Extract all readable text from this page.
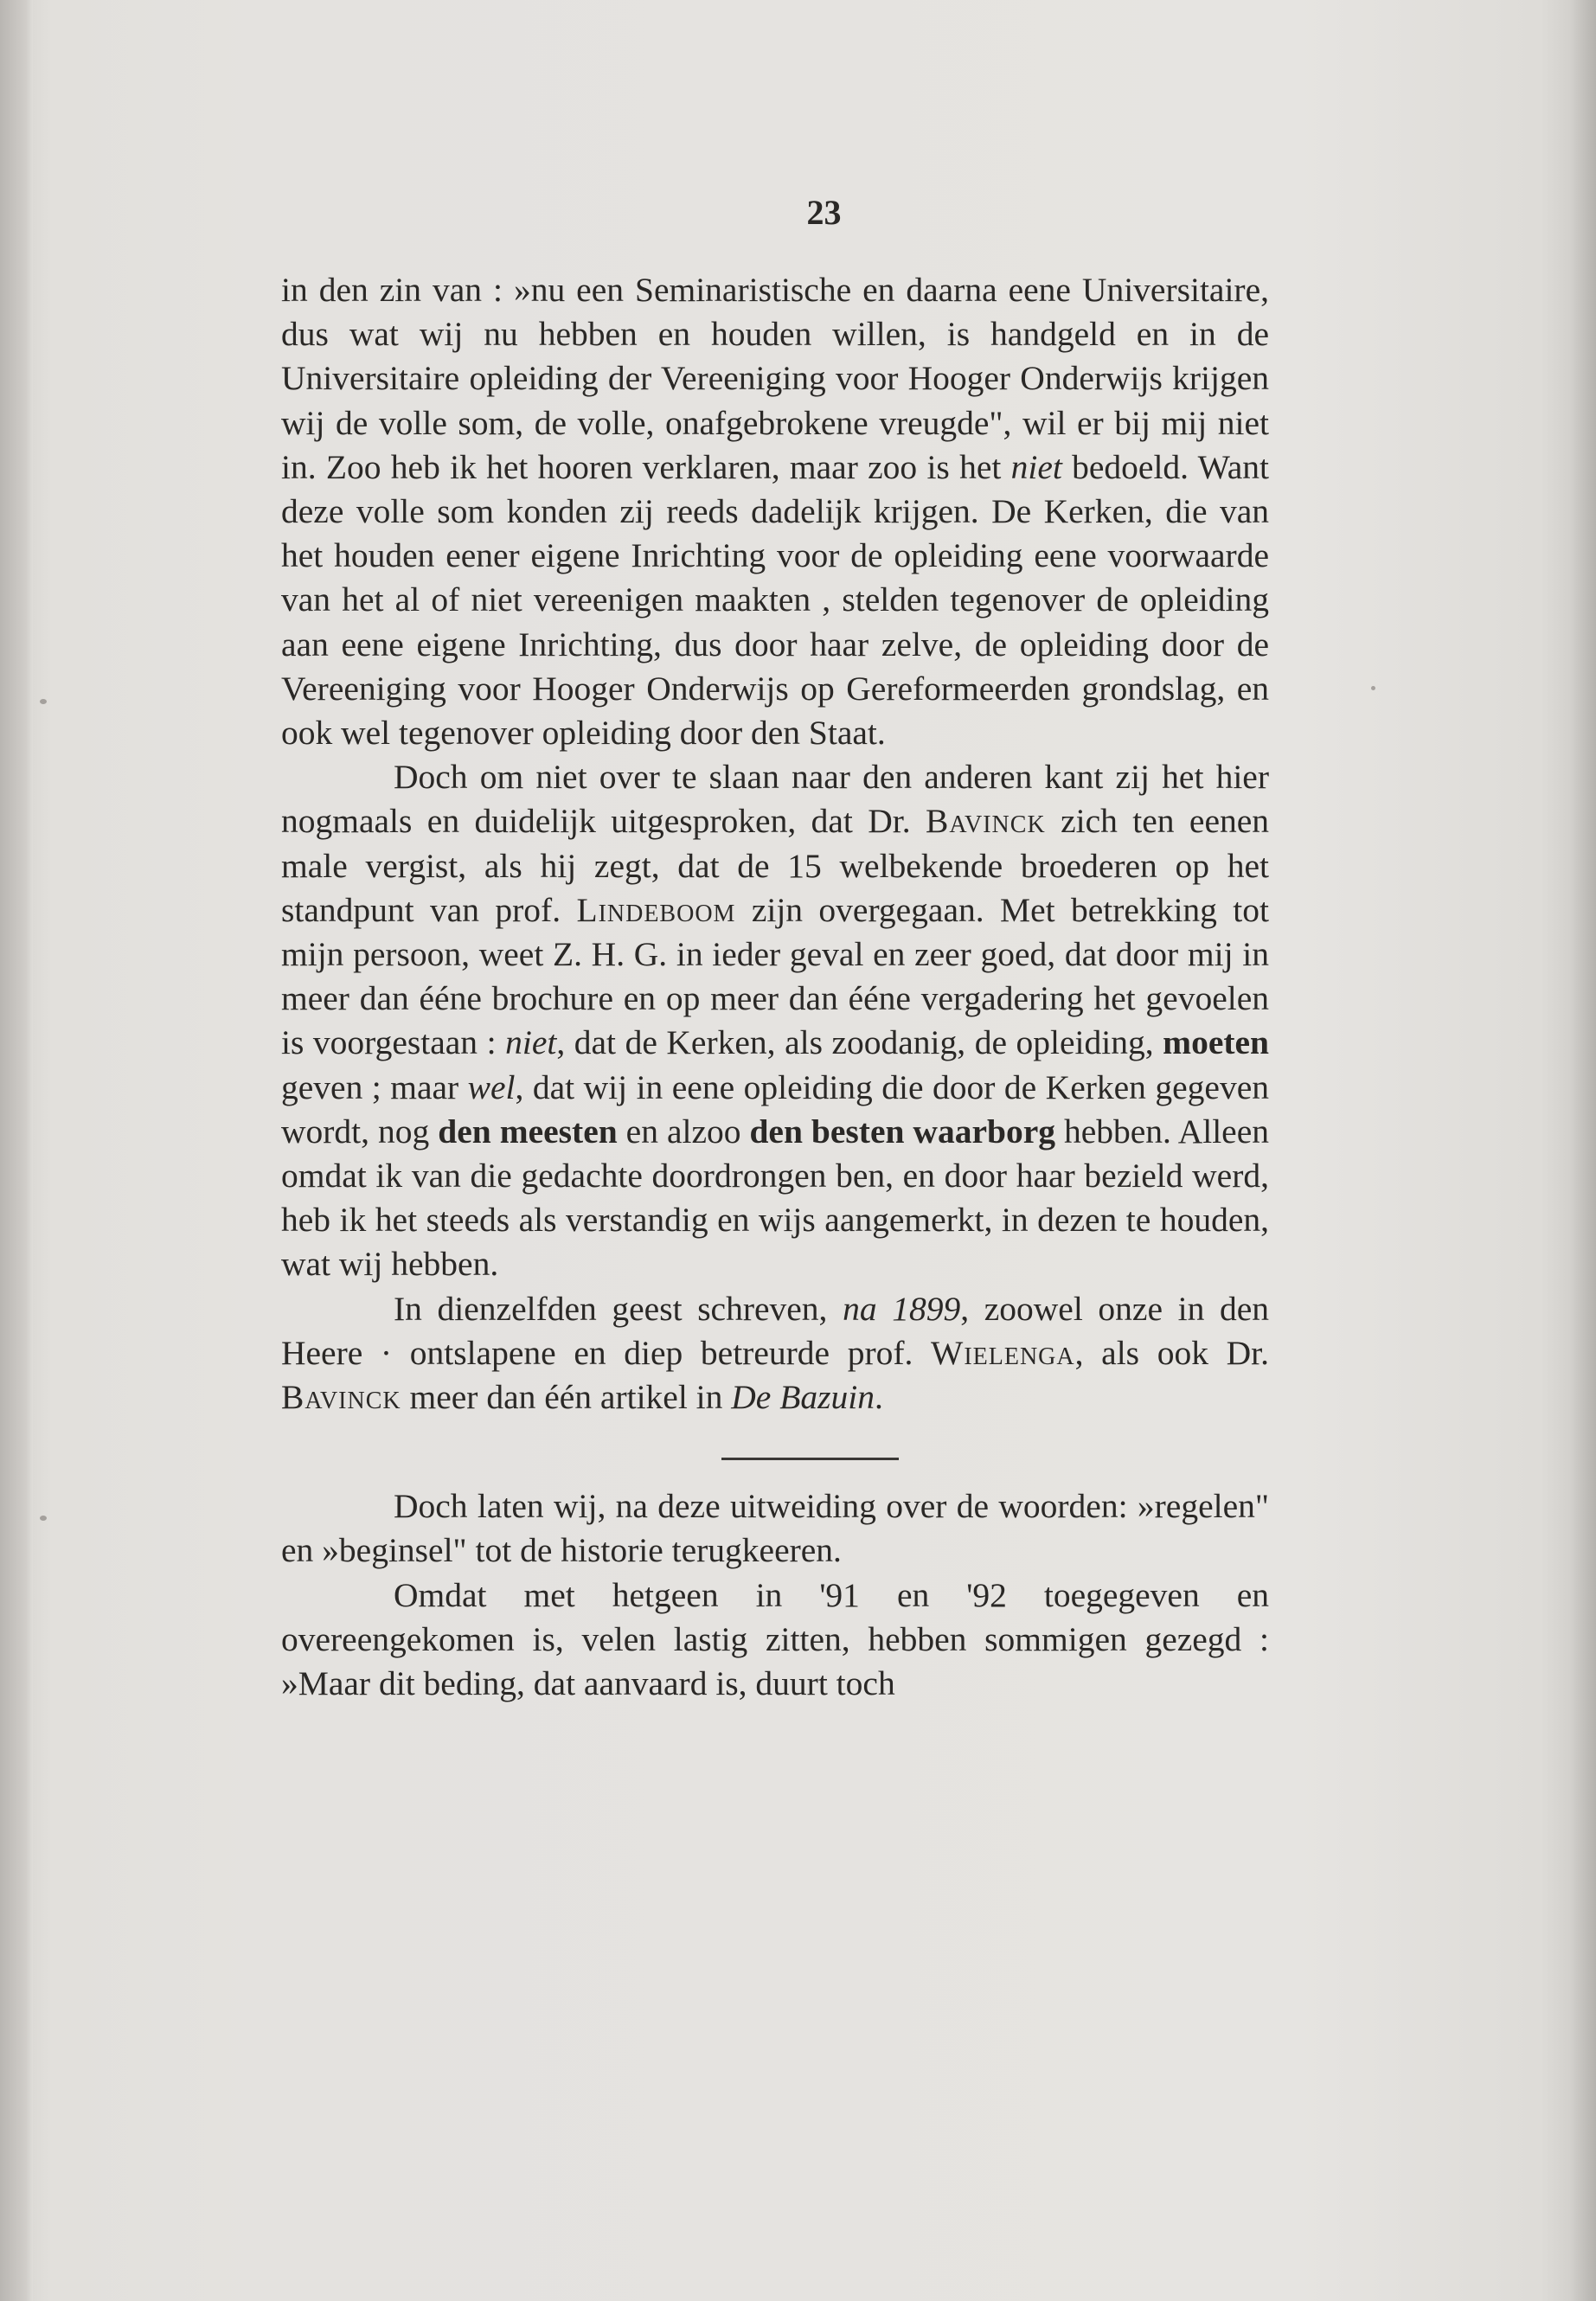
23

in den zin van : »nu een Seminaristische en daarna eene Universitaire, dus wat wij nu hebben en houden willen, is handgeld en in de Universitaire opleiding der Vereeniging voor Hooger Onderwijs krijgen wij de volle som, de volle, onafgebrokene vreugde", wil er bij mij niet in. Zoo heb ik het hooren verklaren, maar zoo is het niet bedoeld. Want deze volle som konden zij reeds dadelijk krijgen. De Kerken, die van het houden eener eigene Inrichting voor de opleiding eene voorwaarde van het al of niet vereenigen maakten , stelden tegenover de opleiding aan eene eigene Inrichting, dus door haar zelve, de opleiding door de Vereeniging voor Hooger Onderwijs op Gereformeerden grondslag, en ook wel tegenover opleiding door den Staat.

Doch om niet over te slaan naar den anderen kant zij het hier nogmaals en duidelijk uitgesproken, dat Dr. Bavinck zich ten eenen male vergist, als hij zegt, dat de 15 welbekende broederen op het standpunt van prof. Lindeboom zijn overgegaan. Met betrekking tot mijn persoon, weet Z. H. G. in ieder geval en zeer goed, dat door mij in meer dan ééne brochure en op meer dan ééne vergadering het gevoelen is voorgestaan : niet, dat de Kerken, als zoodanig, de opleiding, moeten geven ; maar wel, dat wij in eene opleiding die door de Kerken gegeven wordt, nog den meesten en alzoo den besten waarborg hebben. Alleen omdat ik van die gedachte doordrongen ben, en door haar bezield werd, heb ik het steeds als verstandig en wijs aangemerkt, in dezen te houden, wat wij hebben.

In dienzelfden geest schreven, na 1899, zoowel onze in den Heere · ontslapene en diep betreurde prof. Wielenga, als ook Dr. Bavinck meer dan één artikel in De Bazuin.

Doch laten wij, na deze uitweiding over de woorden: »regelen" en »beginsel" tot de historie terugkeeren.

Omdat met hetgeen in '91 en '92 toegegeven en overeengekomen is, velen lastig zitten, hebben sommigen gezegd : »Maar dit beding, dat aanvaard is, duurt toch
